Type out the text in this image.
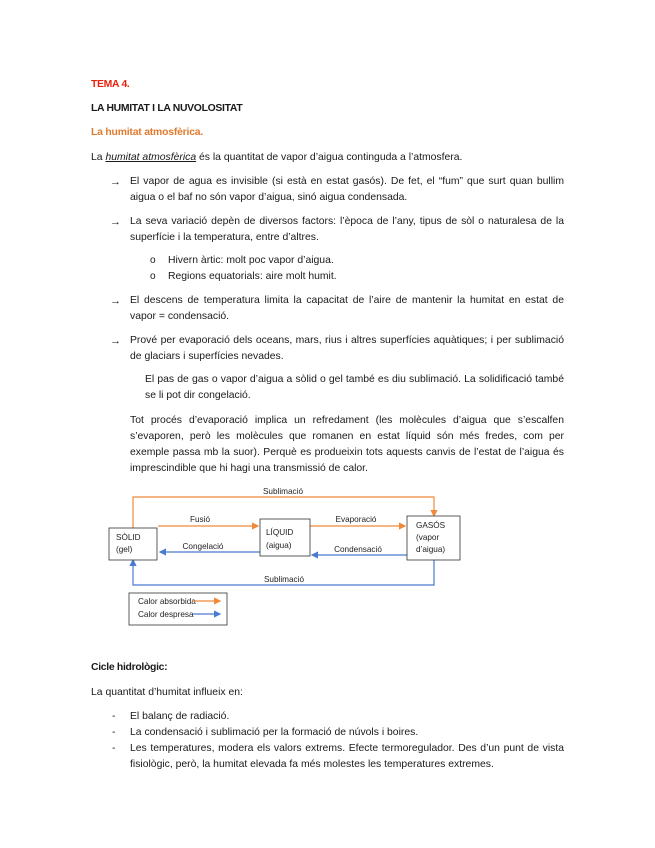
TEMA 4.

LA HUMITAT I LA NUVOLOSITAT

La humitat atmosfèrica.

La humitat atmosfèrica és la quantitat de vapor d’aigua continguda a l’atmosfera.

→ El vapor de agua es invisible (si està en estat gasós). De fet, el “fum” que surt quan bullim aigua o el baf no són vapor d’aigua, sinó aigua condensada.

→ La seva variació depèn de diversos factors: l’època de l’any, tipus de sòl o naturalesa de la superfície i la temperatura, entre d’altres.

o Hivern àrtic: molt poc vapor d’aigua.

o Regions equatorials: aire molt humit.

→ El descens de temperatura limita la capacitat de l’aire de mantenir la humitat en estat de vapor = condensació.

→ Prové per evaporació dels oceans, mars, rius i altres superfícies aquàtiques; i per sublimació de glaciars i superfícies nevades.

El pas de gas o vapor d’aigua a sòlid o gel també es diu sublimació. La solidificació també se li pot dir congelació.

Tot procés d’evaporació implica un refredament (les molècules d’aigua que s’escalfen s’evaporen, però les molècules que romanen en estat líquid són més fredes, com per exemple passa mb la suor). Perquè es produeixin tots aquests canvis de l’estat de l’aigua és imprescindible que hi hagi una transmissió de calor.

Sublimació
Fusió	Evaporació
Congelació	Condensació
Sublimació
SÒLID
(gel)
LÍQUID
(aigua)
GASÓS
(vapor
d’aigua)
Calor absorbida
Calor despresa

Cicle hidrològic:

La quantitat d’humitat influeix en:

- El balanç de radiació.

- La condensació i sublimació per la formació de núvols i boires.

- Les temperatures, modera els valors extrems. Efecte termoregulador. Des d’un punt de vista fisiològic, però, la humitat elevada fa més molestes les temperatures extremes.
